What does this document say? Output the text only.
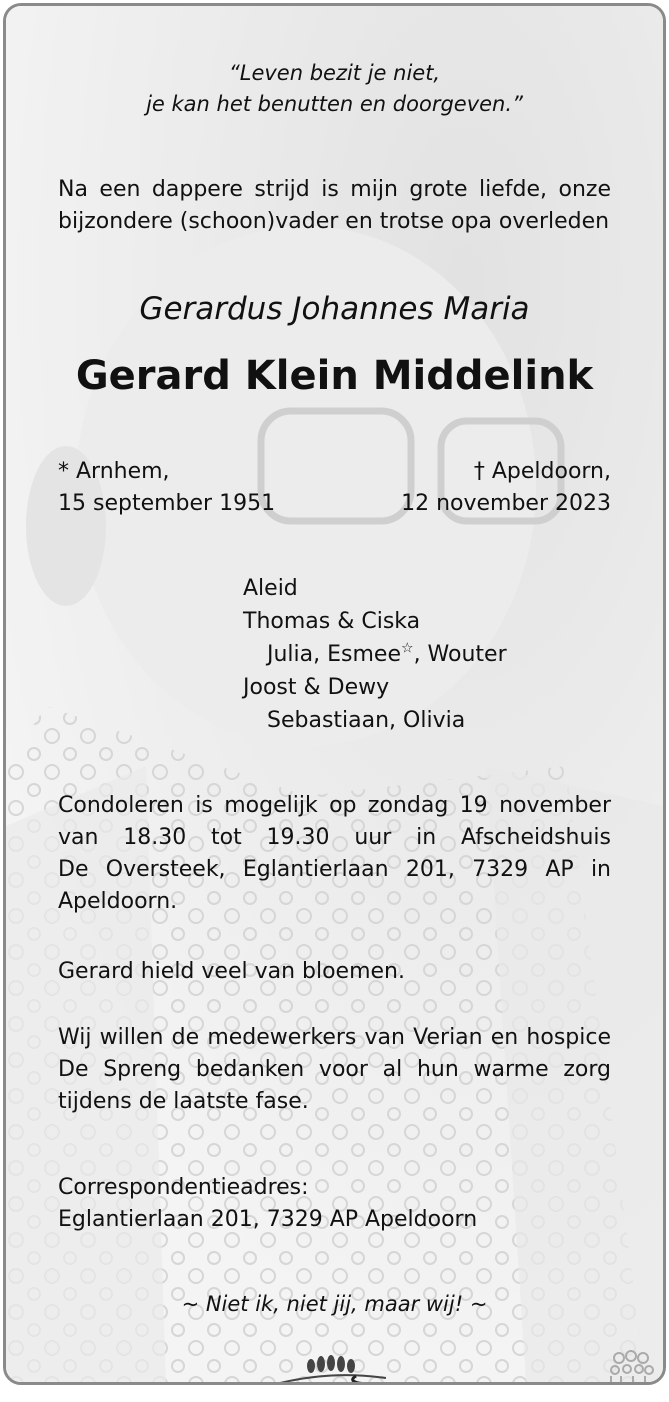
“Leven bezit je niet,
je kan het benutten en doorgeven.”
Na een dappere strijd is mijn grote liefde, onze
bijzondere (schoon)vader en trotse opa overleden
Gerardus Johannes Maria
Gerard Klein Middelink
* Arnhem,
15 september 1951
† Apeldoorn,
12 november 2023
Aleid
Thomas & Ciska
Julia, Esmee☆, Wouter
Joost & Dewy
Sebastiaan, Olivia
Condoleren is mogelijk op zondag 19 november
van 18.30 tot 19.30 uur in Afscheidshuis
De Oversteek, Eglantierlaan 201, 7329 AP in
Apeldoorn.
Gerard hield veel van bloemen.
Wij willen de medewerkers van Verian en hospice
De Spreng bedanken voor al hun warme zorg
tijdens de laatste fase.
Correspondentieadres:
Eglantierlaan 201, 7329 AP Apeldoorn
~ Niet ik, niet jij, maar wij! ~
